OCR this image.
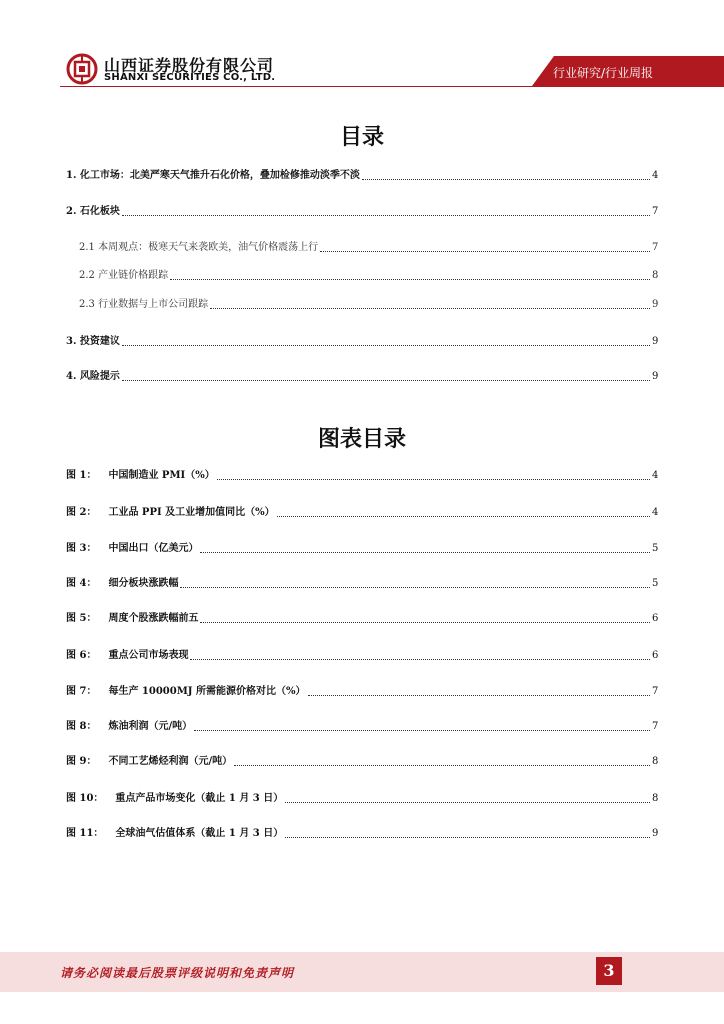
山西证券股份有限公司
SHANXI SECURITIES CO., LTD.	行业研究/行业周报
目录
1. 化工市场：北美严寒天气推升石化价格，叠加检修推动淡季不淡	4
2. 石化板块	7
2.1 本周观点：极寒天气来袭欧美，油气价格震荡上行	7
2.2 产业链价格跟踪	8
2.3 行业数据与上市公司跟踪	9
3. 投资建议	9
4. 风险提示	9
图表目录
图 1：	中国制造业 PMI（%）	4
图 2：	工业品 PPI 及工业增加值同比（%）	4
图 3：	中国出口（亿美元）	5
图 4：	细分板块涨跌幅	5
图 5：	周度个股涨跌幅前五	6
图 6：	重点公司市场表现	6
图 7：	每生产 10000MJ 所需能源价格对比（%）	7
图 8：	炼油利润（元/吨）	7
图 9：	不同工艺烯烃利润（元/吨）	8
图 10：	重点产品市场变化（截止 1 月 3 日）	8
图 11：	全球油气估值体系（截止 1 月 3 日）	9
请务必阅读最后股票评级说明和免责声明	3
